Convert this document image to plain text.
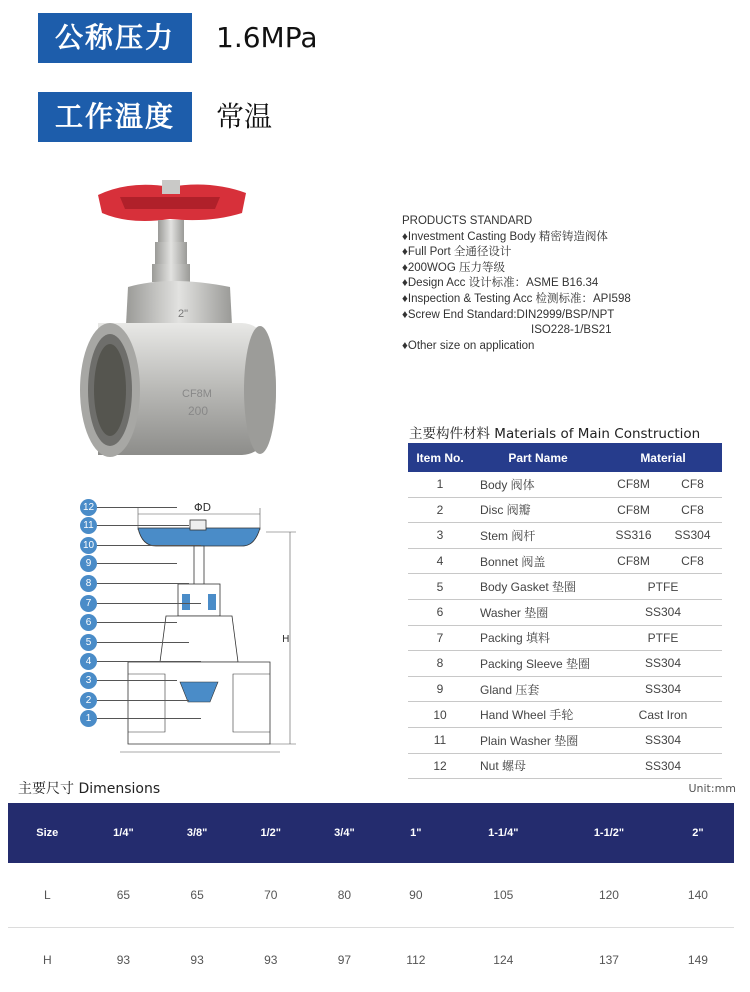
公称压力	1.6MPa
工作温度	常温
2"
CF8M
200
ΦD
H
12
11
10
9
8
7
6
5
4
3
2
1
PRODUCTS STANDARD
♦Investment Casting Body 精密铸造阀体
♦Full Port 全通径设计
♦200WOG 压力等级
♦Design Acc 设计标准：ASME B16.34
♦Inspection & Testing Acc 检测标准：API598
♦Screw End Standard:DIN2999/BSP/NPT
ISO228-1/BS21
♦Other size on application
主要构件材料 Materials of Main Construction
Item No.	Part Name	Material	
1	Body 阀体	CF8M	CF8
2	Disc 阀瓣	CF8M	CF8
3	Stem 阀杆	SS316	SS304
4	Bonnet 阀盖	CF8M	CF8
5	Body Gasket 垫圈	PTFE	
6	Washer 垫圈	SS304	
7	Packing 填料	PTFE	
8	Packing Sleeve 垫圈	SS304	
9	Gland 压套	SS304	
10	Hand Wheel 手轮	Cast Iron	
11	Plain Washer 垫圈	SS304	
12	Nut 螺母	SS304	
主要尺寸 Dimensions	Unit:mm
Size	1/4"	3/8"	1/2"	3/4"	1"	1-1/4"	1-1/2"	2"
L	65	65	70	80	90	105	120	140
H	93	93	93	97	112	124	137	149
